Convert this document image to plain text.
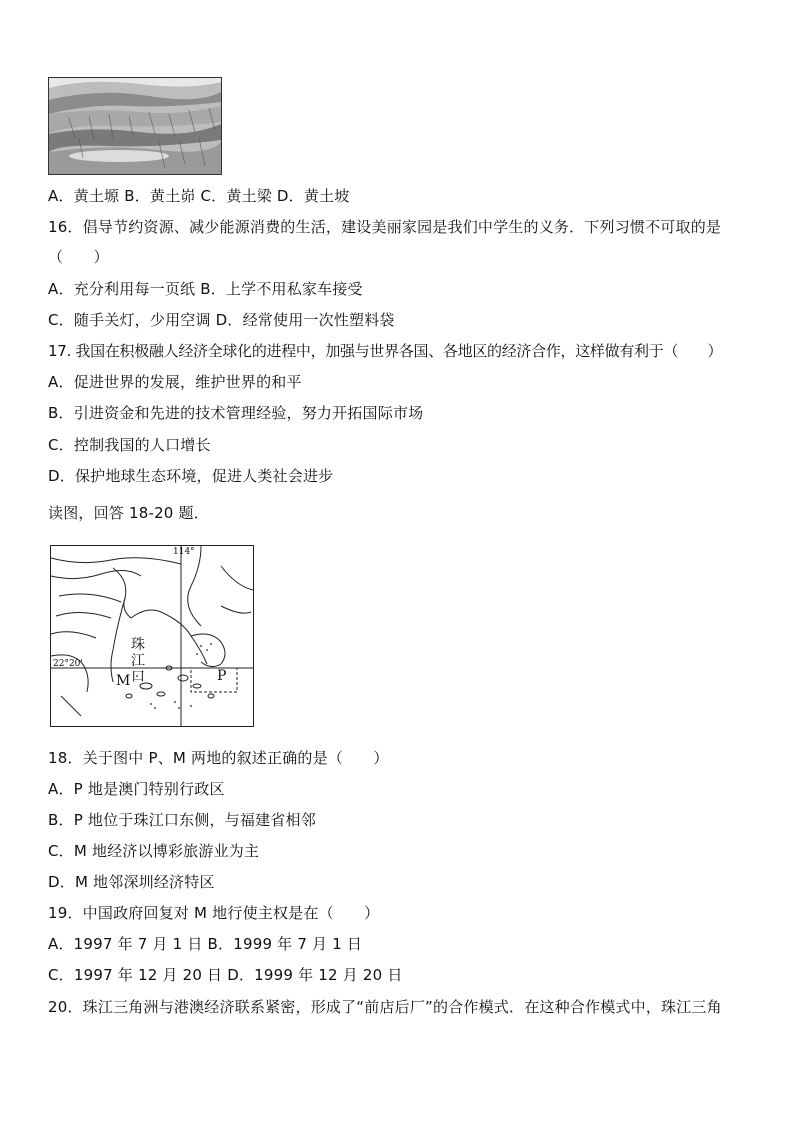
A．黄土塬 B．黄土峁 C．黄土梁 D．黄土坡
16．倡导节约资源、减少能源消费的生活，建设美丽家园是我们中学生的义务．下列习惯不可取的是
（　　）
A．充分利用每一页纸 B．上学不用私家车接受
C．随手关灯，少用空调 D．经常使用一次性塑料袋
17. 我国在积极融人经济全球化的进程中，加强与世界各国、各地区的经济合作，这样做有利于（　　）
A．促进世界的发展，维护世界的和平
B．引进资金和先进的技术管理经验，努力开拓国际市场
C．控制我国的人口增长
D．保护地球生态环境，促进人类社会进步
读图，回答 18-20 题．
114°
22°20'
珠
江
口
M	P
18．关于图中 P、M 两地的叙述正确的是（　　）
A．P 地是澳门特别行政区
B．P 地位于珠江口东侧，与福建省相邻
C．M 地经济以博彩旅游业为主
D．M 地邻深圳经济特区
19．中国政府回复对 M 地行使主权是在（　　）
A．1997 年 7 月 1 日 B．1999 年 7 月 1 日
C．1997 年 12 月 20 日 D．1999 年 12 月 20 日
20．珠江三角洲与港澳经济联系紧密，形成了“前店后厂”的合作模式．在这种合作模式中，珠江三角
